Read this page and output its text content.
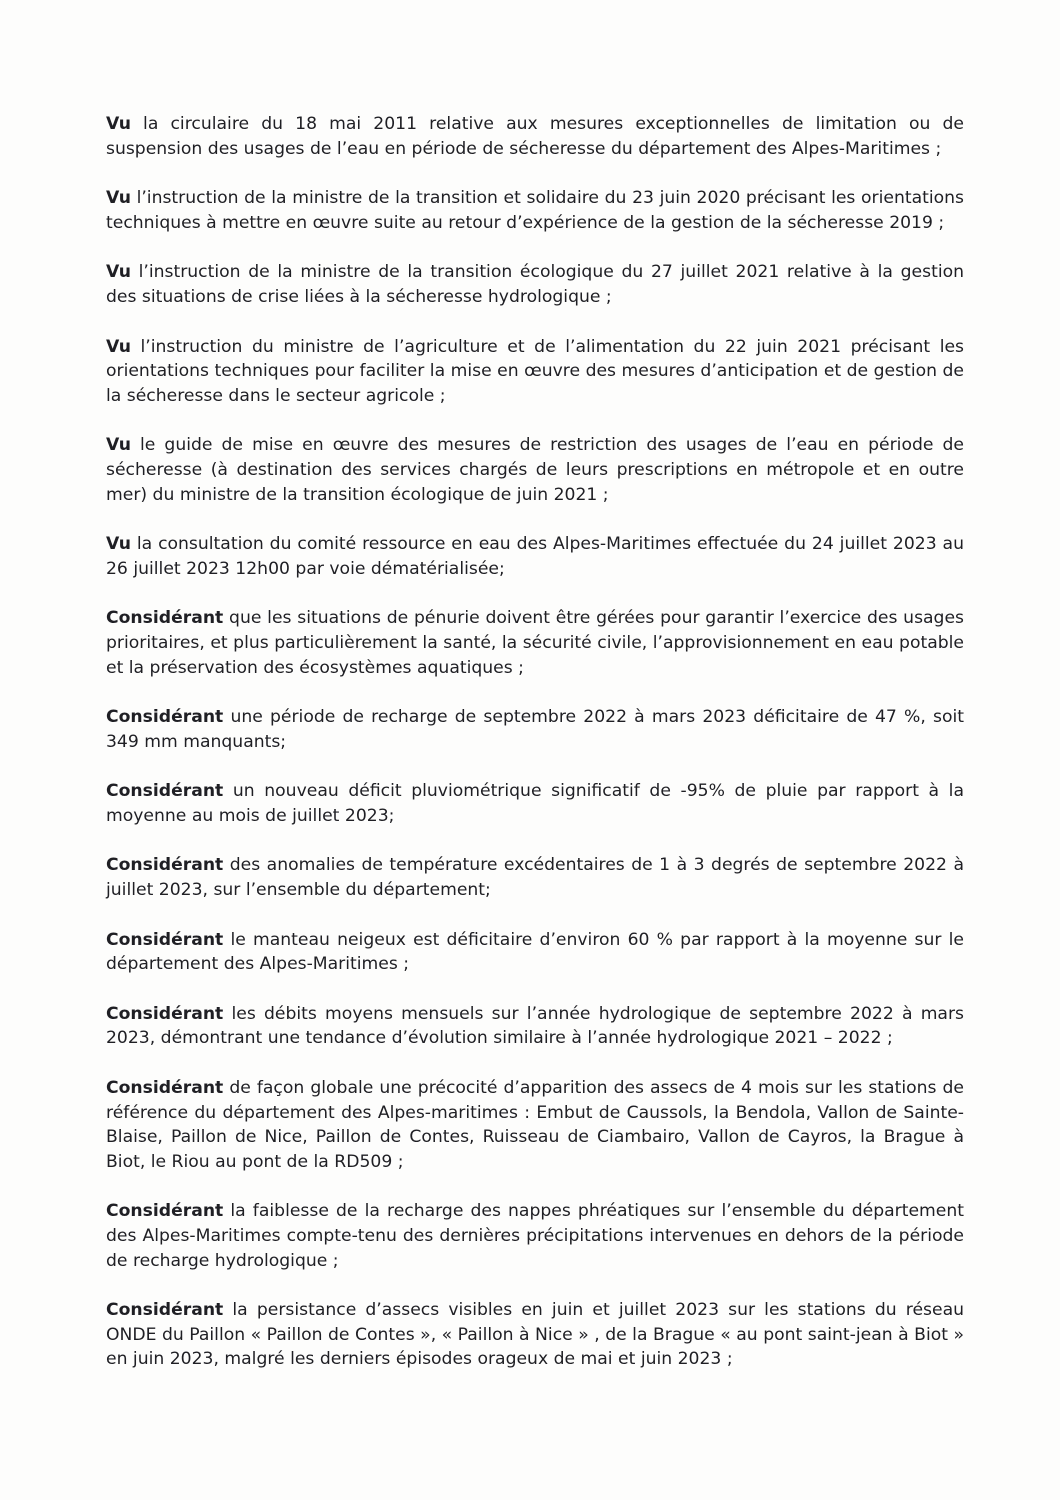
Vu la circulaire du 18 mai 2011 relative aux mesures exceptionnelles de limitation ou de suspension des usages de l’eau en période de sécheresse du département des Alpes-Maritimes ;

Vu l’instruction de la ministre de la transition et solidaire du 23 juin 2020 précisant les orientations techniques à mettre en œuvre suite au retour d’expérience de la gestion de la sécheresse 2019 ;

Vu l’instruction de la ministre de la transition écologique du 27 juillet 2021 relative à la gestion des situations de crise liées à la sécheresse hydrologique ;

Vu l’instruction du ministre de l’agriculture et de l’alimentation du 22 juin 2021 précisant les orientations techniques pour faciliter la mise en œuvre des mesures d’anticipation et de gestion de la sécheresse dans le secteur agricole ;

Vu le guide de mise en œuvre des mesures de restriction des usages de l’eau en période de sécheresse (à destination des services chargés de leurs prescriptions en métropole et en outre mer) du ministre de la transition écologique de juin 2021 ;

Vu la consultation du comité ressource en eau des Alpes-Maritimes effectuée du 24 juillet 2023 au 26 juillet 2023 12h00 par voie dématérialisée;

Considérant que les situations de pénurie doivent être gérées pour garantir l’exercice des usages prioritaires, et plus particulièrement la santé, la sécurité civile, l’approvisionnement en eau potable et la préservation des écosystèmes aquatiques ;

Considérant une période de recharge de septembre 2022 à mars 2023 déficitaire de 47 %, soit 349 mm manquants;

Considérant un nouveau déficit pluviométrique significatif de -95% de pluie par rapport à la moyenne au mois de juillet 2023;

Considérant des anomalies de température excédentaires de 1 à 3 degrés de septembre 2022 à juillet 2023, sur l’ensemble du département;

Considérant le manteau neigeux est déficitaire d’environ 60 % par rapport à la moyenne sur le département des Alpes-Maritimes ;

Considérant les débits moyens mensuels sur l’année hydrologique de septembre 2022 à mars 2023, démontrant une tendance d’évolution similaire à l’année hydrologique 2021 – 2022 ;

Considérant de façon globale une précocité d’apparition des assecs de 4 mois sur les stations de référence du département des Alpes-maritimes : Embut de Caussols, la Bendola, Vallon de Sainte-Blaise, Paillon de Nice, Paillon de Contes, Ruisseau de Ciambairo, Vallon de Cayros, la Brague à Biot, le Riou au pont de la RD509 ;

Considérant la faiblesse de la recharge des nappes phréatiques sur l’ensemble du département des Alpes-Maritimes compte-tenu des dernières précipitations intervenues en dehors de la période de recharge hydrologique ;

Considérant la persistance d’assecs visibles en juin et juillet 2023 sur les stations du réseau ONDE du Paillon « Paillon de Contes », « Paillon à Nice » , de la Brague « au pont saint-jean à Biot » en juin 2023, malgré les derniers épisodes orageux de mai et juin 2023 ;
